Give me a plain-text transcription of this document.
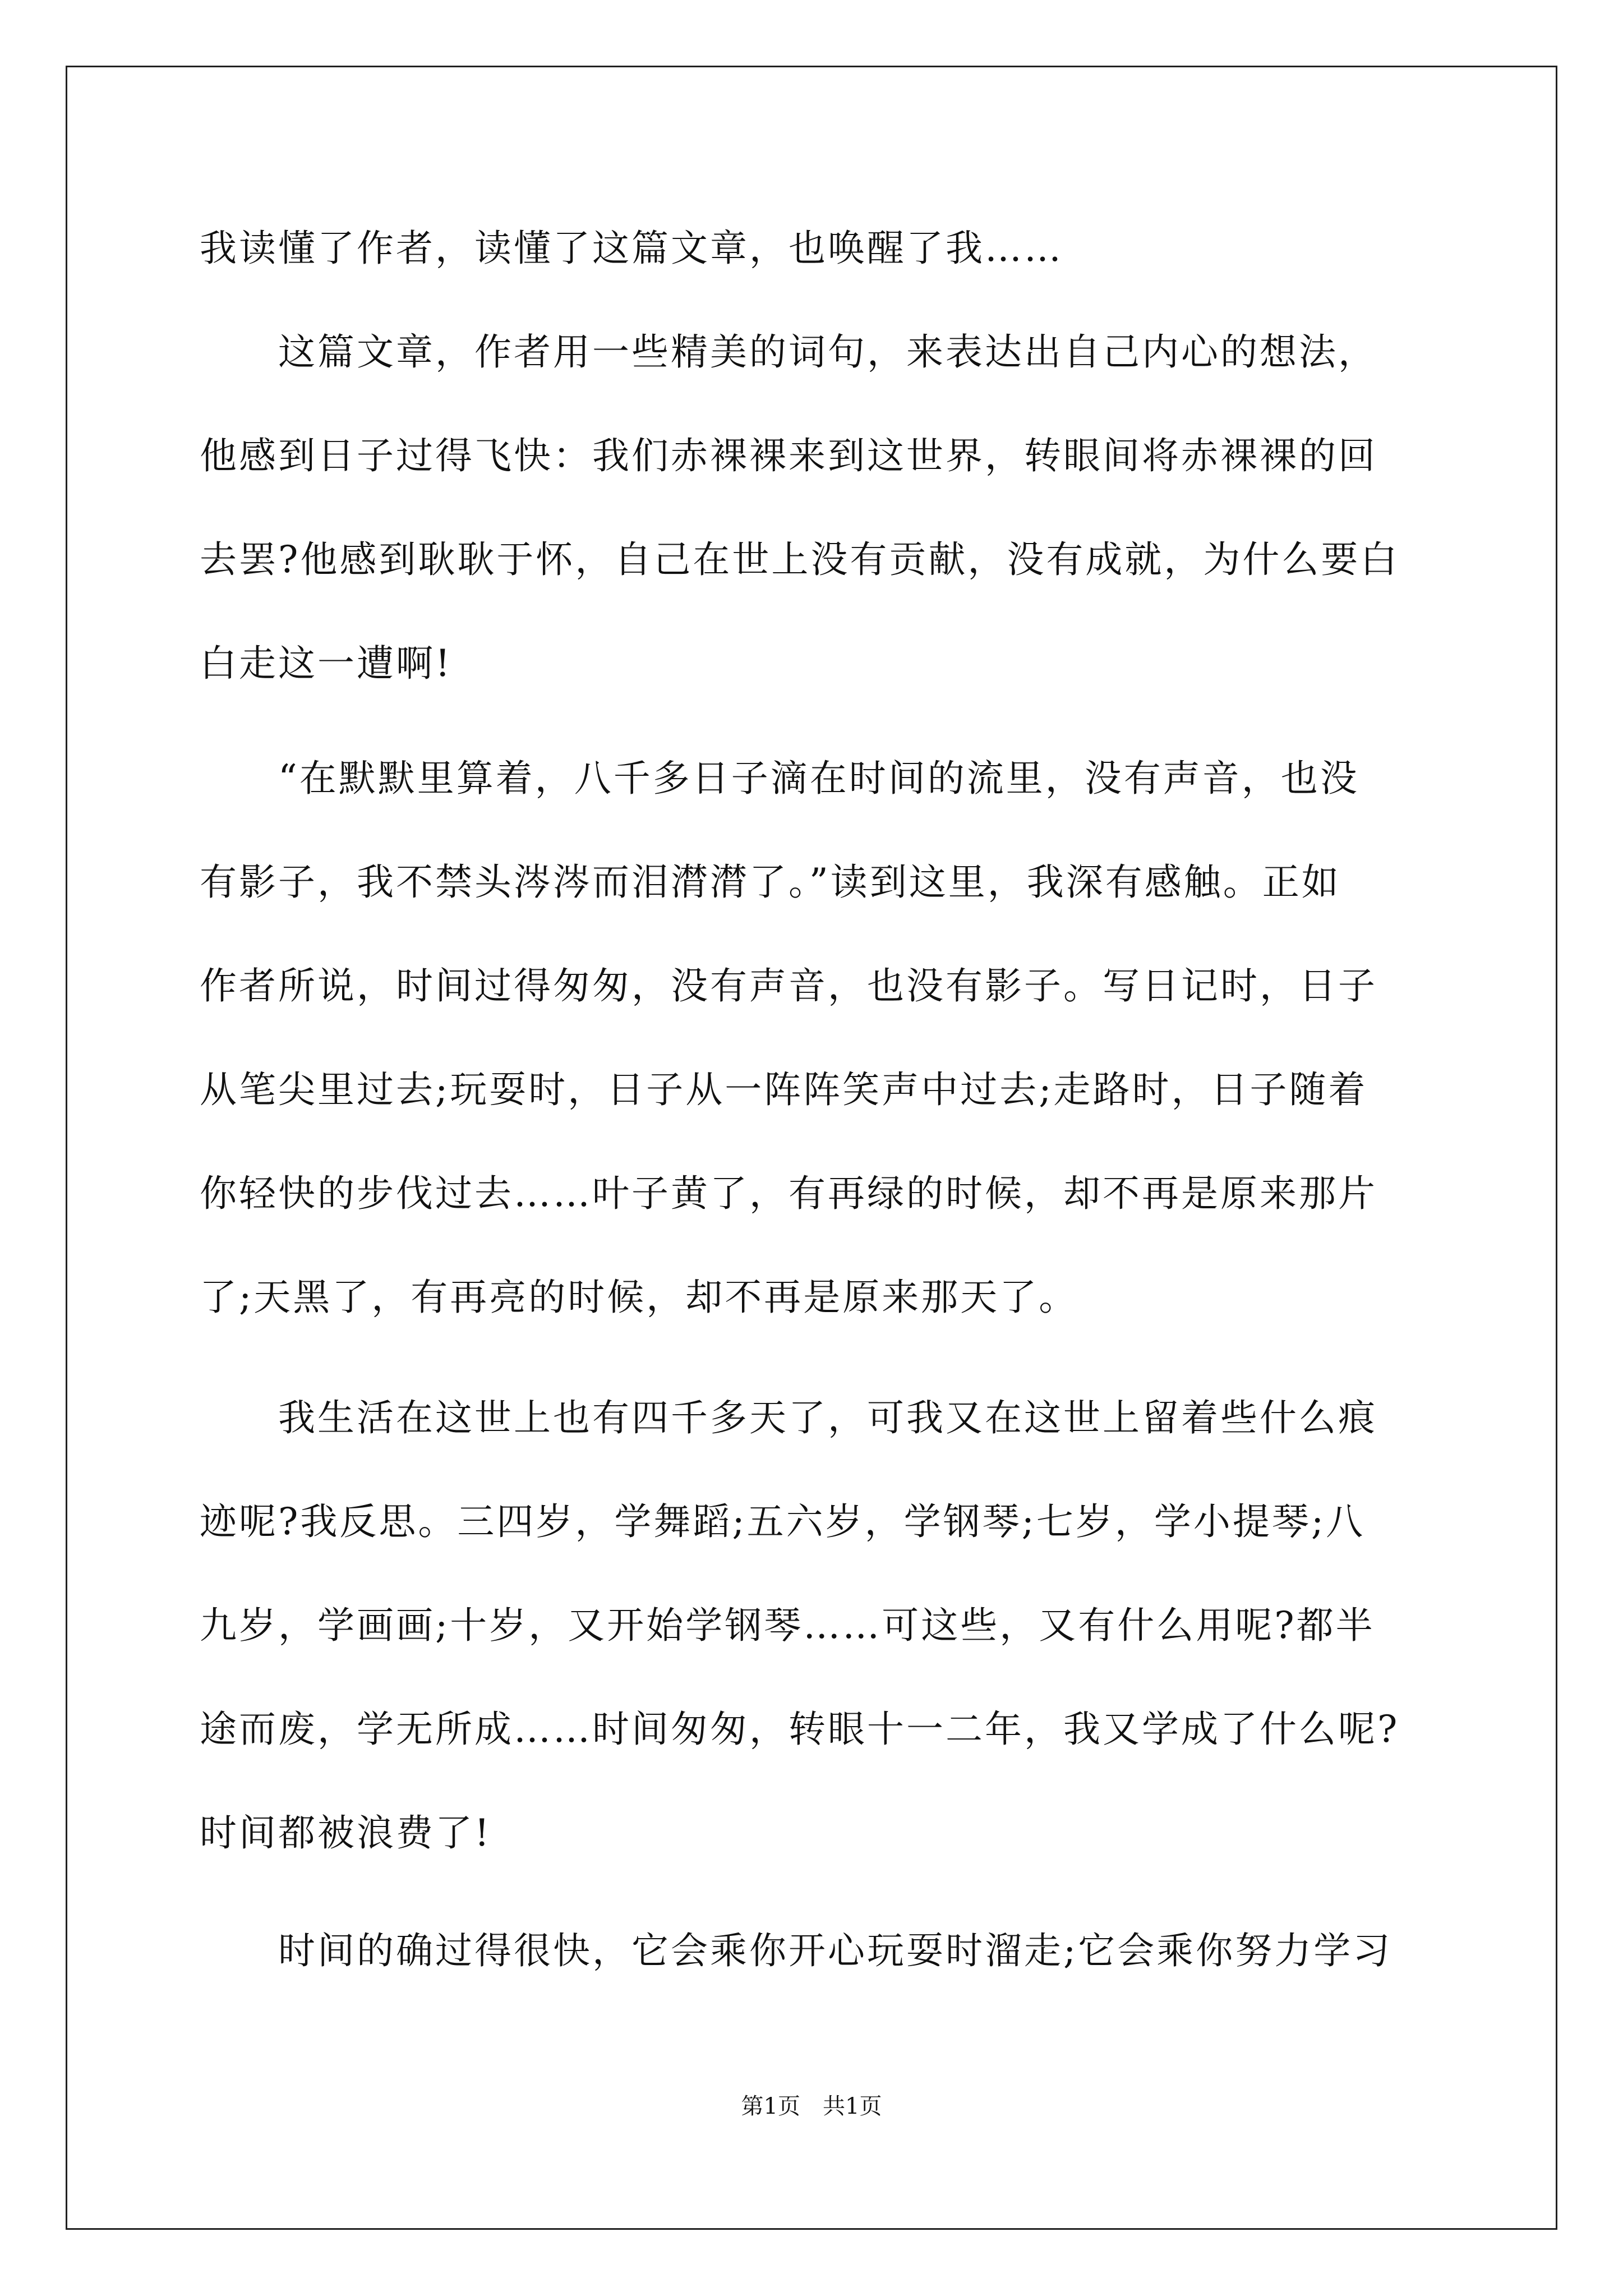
我读懂了作者，读懂了这篇文章，也唤醒了我……
　　这篇文章，作者用一些精美的词句，来表达出自己内心的想法，
他感到日子过得飞快：我们赤裸裸来到这世界，转眼间将赤裸裸的回
去罢?他感到耿耿于怀，自己在世上没有贡献，没有成就，为什么要白
白走这一遭啊!
　　“在默默里算着，八千多日子滴在时间的流里，没有声音，也没
有影子，我不禁头涔涔而泪潸潸了。”读到这里，我深有感触。正如
作者所说，时间过得匆匆，没有声音，也没有影子。写日记时，日子
从笔尖里过去;玩耍时，日子从一阵阵笑声中过去;走路时，日子随着
你轻快的步伐过去……叶子黄了，有再绿的时候，却不再是原来那片
了;天黑了，有再亮的时候，却不再是原来那天了。
　　我生活在这世上也有四千多天了，可我又在这世上留着些什么痕
迹呢?我反思。三四岁，学舞蹈;五六岁，学钢琴;七岁，学小提琴;八
九岁，学画画;十岁，又开始学钢琴……可这些，又有什么用呢?都半
途而废，学无所成……时间匆匆，转眼十一二年，我又学成了什么呢?
时间都被浪费了!
　　时间的确过得很快，它会乘你开心玩耍时溜走;它会乘你努力学习
第1页　共1页
